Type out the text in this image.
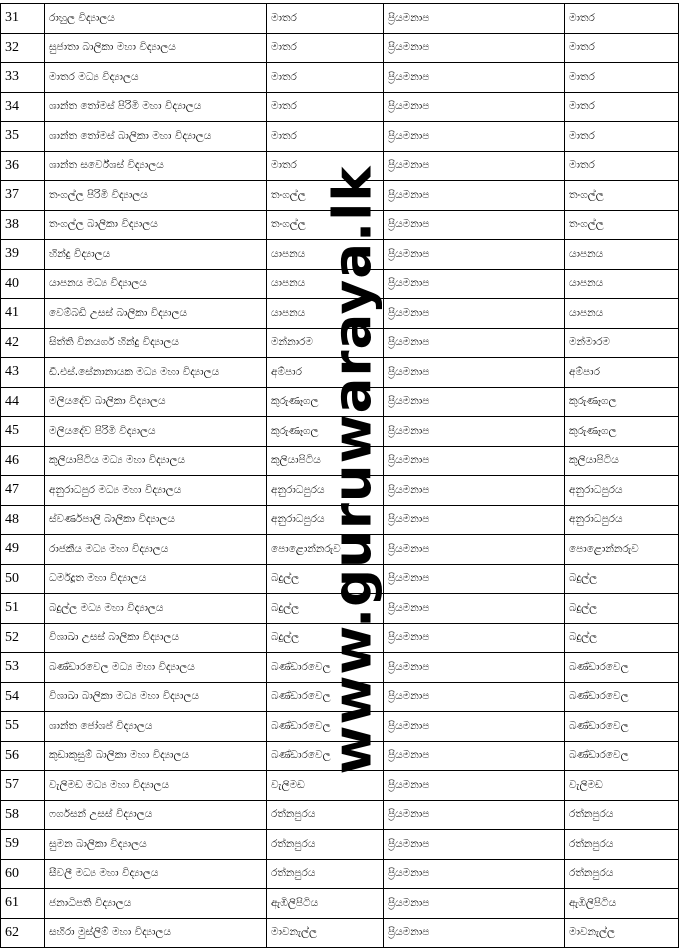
31	රාහුල විද්‍යාලය	මාතර	ප්‍රියමනාප	මාතර
32	සුජාතා බාලිකා මහා විද්‍යාලය	මාතර	ප්‍රියමනාප	මාතර
33	මාතර මධ්‍ය විද්‍යාලය	මාතර	ප්‍රියමනාප	මාතර
34	ශාන්ත තෝමස් පිරිමි මහා විද්‍යාලය	මාතර	ප්‍රියමනාප	මාතර
35	ශාන්ත තෝමස් බාලිකා මහා විද්‍යාලය	මාතර	ප්‍රියමනාප	මාතර
36	ශාන්ත සර්වේශස් විද්‍යාලය	මාතර	ප්‍රියමනාප	මාතර
37	තංගල්ල පිරිමි විද්‍යාලය	තංගල්ල	ප්‍රියමනාප	තංගල්ල
38	තංගල්ල බාලිකා විද්‍යාලය	තංගල්ල	ප්‍රියමනාප	තංගල්ල
39	හින්දු විද්‍යාලය	යාපනය	ප්‍රියමනාප	යාපනය
40	යාපනය මධ්‍ය විද්‍යාලය	යාපනය	ප්‍රියමනාප	යාපනය
41	වෙම්බඩි උසස් බාලිකා විද්‍යාලය	යාපනය	ප්‍රියමනාප	යාපනය
42	සිත්ති විනයගර් හින්දු විද්‍යාලය	මන්නාරම	ප්‍රියමනාප	මන්මාරම
43	ඩී.එස්.සේනානායක මධ්‍ය මහා විද්‍යාලය	අම්පාර	ප්‍රියමනාප	අම්පාර
44	මලියදේව බාලිකා විද්‍යාලය	කුරුණෑගල	ප්‍රියමනාප	කුරුණෑගල
45	මලියදේව පිරිමි විද්‍යාලය	කුරුණෑගල	ප්‍රියමනාප	කුරුණෑගල
46	කුලියාපිටිය මධ්‍ය මහා විද්‍යාලය	කුලියාපිටිය	ප්‍රියමනාප	කුලියාපිටිය
47	අනුරාධපුර මධ්‍ය මහා විද්‍යාලය	අනුරාධපුරය	ප්‍රියමනාප	අනුරාධපුරය
48	ස්වර්ණපාලි බාලිකා විද්‍යාලය	අනුරාධපුරය	ප්‍රියමනාප	අනුරාධපුරය
49	රාජකීය මධ්‍ය මහා විද්‍යාලය	පොළොන්නරුව	ප්‍රියමනාප	පොළොන්නරුව
50	ධර්මදූත මහා විද්‍යාලය	බදුල්ල	ප්‍රියමනාප	බදුල්ල
51	බදුල්ල මධ්‍ය මහා විද්‍යාලය	බදුල්ල	ප්‍රියමනාප	බදුල්ල
52	විශාඛා උසස් බාලිකා විද්‍යාලය	බදුල්ල	ප්‍රියමනාප	බදුල්ල
53	බණ්ඩාරවෙල මධ්‍ය මහා විද්‍යාලය	බණ්ඩාරවෙල	ප්‍රියමනාප	බණ්ඩාරවෙල
54	විශාඛා බාලිකා මධ්‍ය මහා විද්‍යාලය	බණ්ඩාරවෙල	ප්‍රියමනාප	බණ්ඩාරවෙල
55	ශාන්ත ජෝශප් විද්‍යාලය	බණ්ඩාරවෙල	ප්‍රියමනාප	බණ්ඩාරවෙල
56	කුඩාකුසුම් බාලිකා මහා විද්‍යාලය	බණ්ඩාරවෙල	ප්‍රියමනාප	බණ්ඩාරවෙල
57	වැලිමඩ මධ්‍ය මහා විද්‍යාලය	වැලිමඩ	ප්‍රියමනාප	වැලිමඩ
58	ෆර්ගසන් උසස් විද්‍යාලය	රත්නපුරය	ප්‍රියමනාප	රත්නපුරය
59	සුමන බාලිකා විද්‍යාලය	රත්නපුරය	ප්‍රියමනාප	රත්නපුරය
60	සීවලී මධ්‍ය මහා විද්‍යාලය	රත්නපුරය	ප්‍රියමනාප	රත්නපුරය
61	ජනාධිපති විද්‍යාලය	ඇඹිලිපිටිය	ප්‍රියමනාප	ඇඹිලිපිටිය
62	සහිරා මුස්ලිම් මහා විද්‍යාලය	මාවනැල්ල	ප්‍රියමනාප	මාවනැල්ල
www.guruwaraya.lk
